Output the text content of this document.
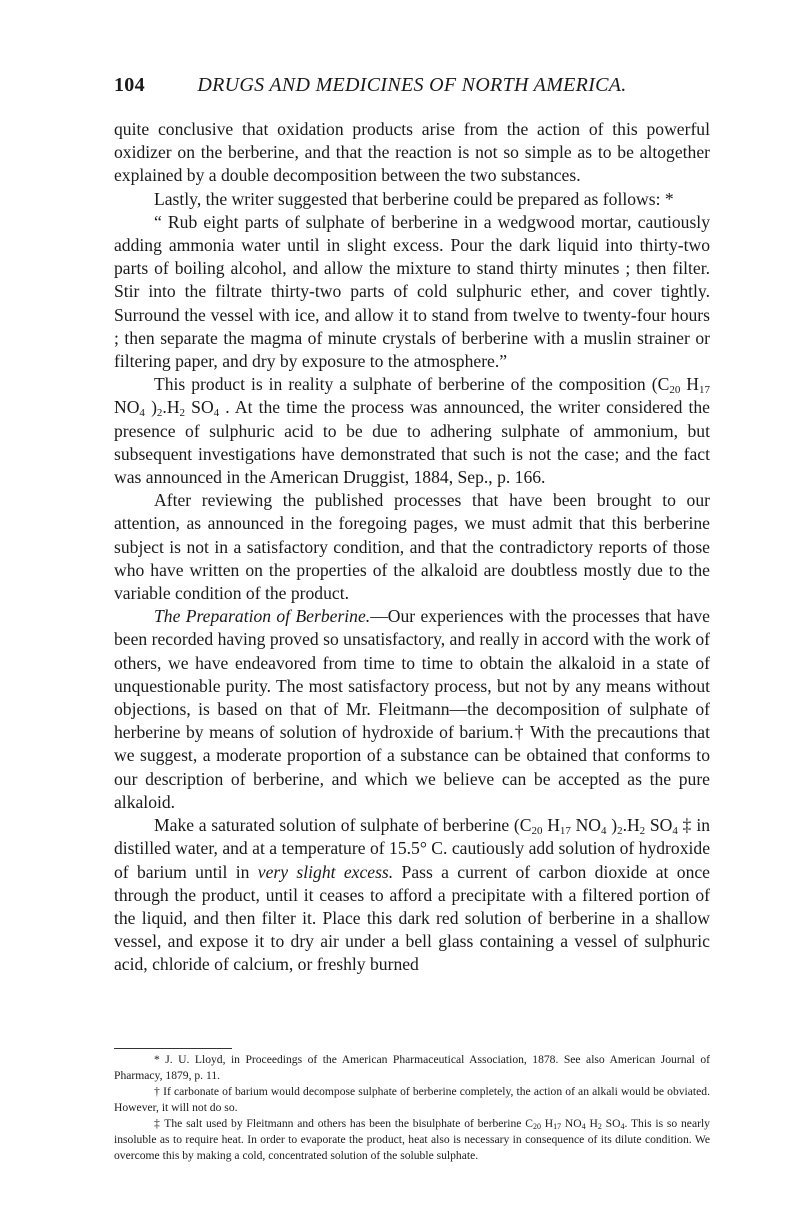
104	DRUGS AND MEDICINES OF NORTH AMERICA.

quite conclusive that oxidation products arise from the action of this powerful oxidizer on the berberine, and that the reaction is not so simple as to be altogether explained by a double decomposition between the two substances.

Lastly, the writer suggested that berberine could be prepared as follows: *

“ Rub eight parts of sulphate of berberine in a wedgwood mortar, cautiously adding ammonia water until in slight excess. Pour the dark liquid into thirty-two parts of boiling alcohol, and allow the mixture to stand thirty minutes ; then filter. Stir into the filtrate thirty-two parts of cold sulphuric ether, and cover tightly. Surround the vessel with ice, and allow it to stand from twelve to twenty-four hours ; then separate the magma of minute crystals of berberine with a muslin strainer or filtering paper, and dry by exposure to the atmosphere.”

This product is in reality a sulphate of berberine of the composition ($C_{20}$ $H_{17}$ $NO_4$ )$_2.H_2$ $SO_4$ . At the time the process was announced, the writer considered the presence of sulphuric acid to be due to adhering sulphate of ammonium, but subsequent investigations have demonstrated that such is not the case; and the fact was announced in the American Druggist, 1884, Sep., p. 166.

After reviewing the published processes that have been brought to our attention, as announced in the foregoing pages, we must admit that this berberine subject is not in a satisfactory condition, and that the contradictory reports of those who have written on the properties of the alkaloid are doubtless mostly due to the variable condition of the product.

The Preparation of Berberine.—Our experiences with the processes that have been recorded having proved so unsatisfactory, and really in accord with the work of others, we have endeavored from time to time to obtain the alkaloid in a state of unquestionable purity. The most satisfactory process, but not by any means without objections, is based on that of Mr. Fleitmann—the decomposition of sulphate of herberine by means of solution of hydroxide of barium.† With the precautions that we suggest, a moderate proportion of a substance can be obtained that conforms to our description of berberine, and which we believe can be accepted as the pure alkaloid.

Make a saturated solution of sulphate of berberine ($C_{20}$ $H_{17}$ $NO_4$ )$_2.H_2$ $SO_4$ ‡ in distilled water, and at a temperature of 15.5° C. cautiously add solution of hydroxide of barium until in very slight excess. Pass a current of carbon dioxide at once through the product, until it ceases to afford a precipitate with a filtered portion of the liquid, and then filter it. Place this dark red solution of berberine in a shallow vessel, and expose it to dry air under a bell glass containing a vessel of sulphuric acid, chloride of calcium, or freshly burned

* J. U. Lloyd, in Proceedings of the American Pharmaceutical Association, 1878. See also American Journal of Pharmacy, 1879, p. 11.

† If carbonate of barium would decompose sulphate of berberine completely, the action of an alkali would be obviated. However, it will not do so.

‡ The salt used by Fleitmann and others has been the bisulphate of berberine $C_{20}$ $H_{17}$ $NO_4$ $H_2$ $SO_4$. This is so nearly insoluble as to require heat. In order to evaporate the product, heat also is necessary in consequence of its dilute condition. We overcome this by making a cold, concentrated solution of the soluble sulphate.
